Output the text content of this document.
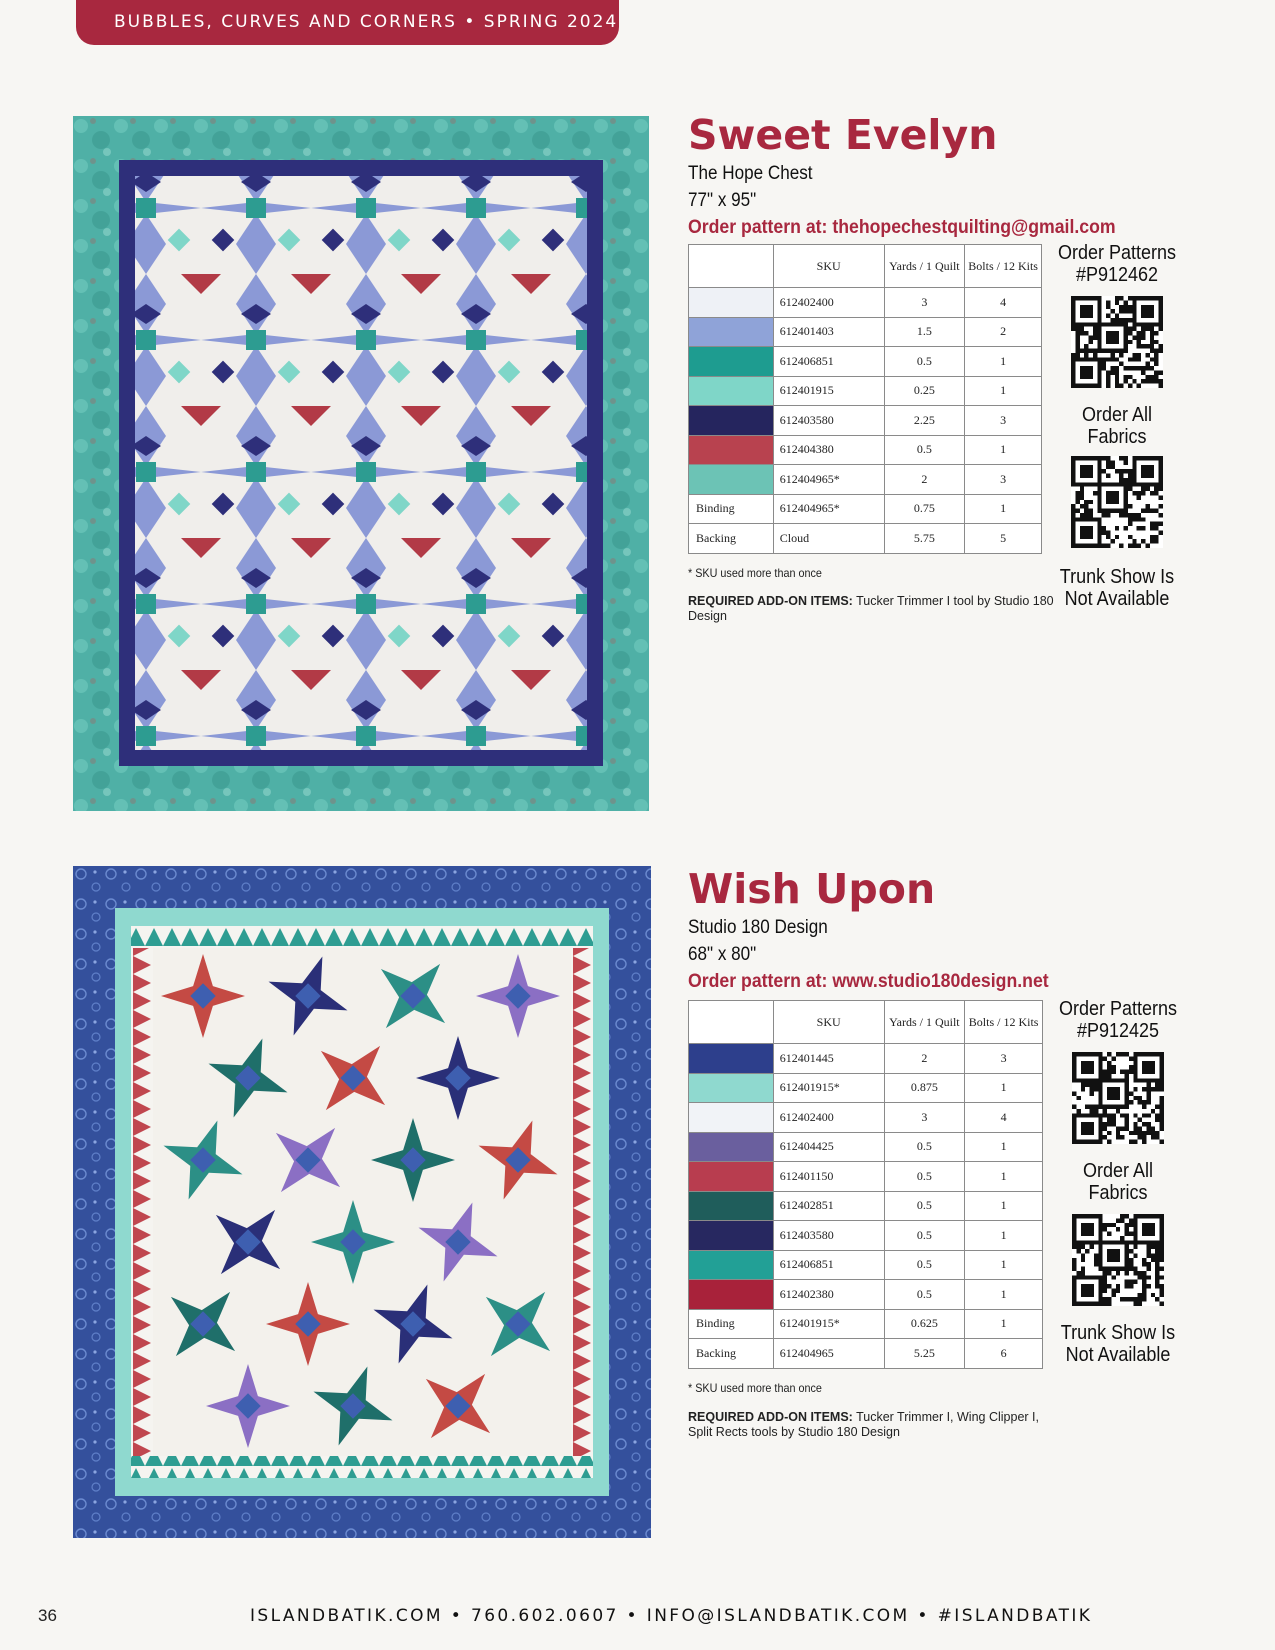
BUBBLES, CURVES AND CORNERS • SPRING 2024
Sweet Evelyn
The Hope Chest
77" x 95"
Order pattern at: thehopechestquilting@gmail.com
	SKU	Yards / 1 Quilt	Bolts / 12 Kits
	612402400	3	4
	612401403	1.5	2
	612406851	0.5	1
	612401915	0.25	1
	612403580	2.25	3
	612404380	0.5	1
	612404965*	2	3
Binding	612404965*	0.75	1
Backing	Cloud	5.75	5
* SKU used more than once
REQUIRED ADD-ON ITEMS: Tucker Trimmer I tool by Studio 180 Design
Order Patterns
#P912462
Order All
Fabrics
Trunk Show Is
Not Available
Wish Upon
Studio 180 Design
68" x 80"
Order pattern at: www.studio180design.net
	SKU	Yards / 1 Quilt	Bolts / 12 Kits
	612401445	2	3
	612401915*	0.875	1
	612402400	3	4
	612404425	0.5	1
	612401150	0.5	1
	612402851	0.5	1
	612403580	0.5	1
	612406851	0.5	1
	612402380	0.5	1
Binding	612401915*	0.625	1
Backing	612404965	5.25	6
* SKU used more than once
REQUIRED ADD-ON ITEMS: Tucker Trimmer I, Wing Clipper I, Split Rects tools by Studio 180 Design
Order Patterns
#P912425
Order All
Fabrics
Trunk Show Is
Not Available
36	ISLANDBATIK.COM • 760.602.0607 • INFO@ISLANDBATIK.COM • #ISLANDBATIK
